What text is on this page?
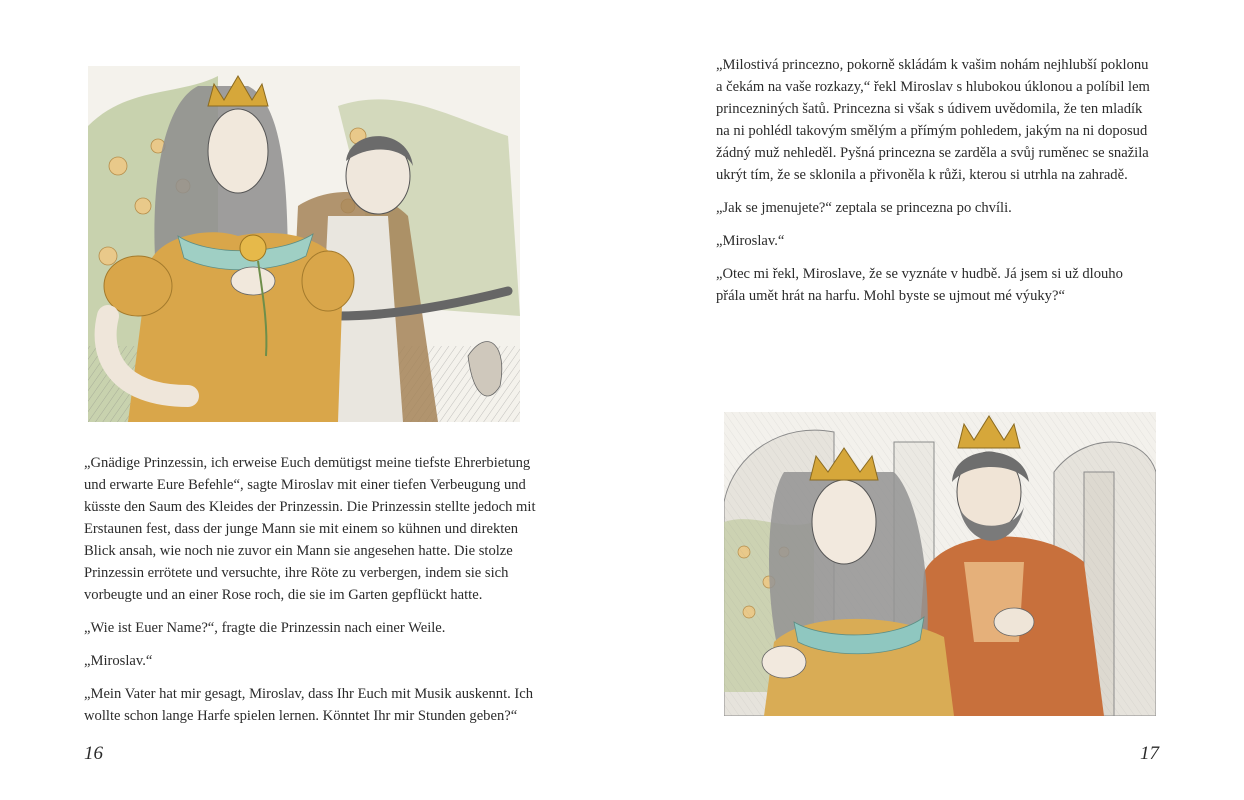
„Gnädige Prinzessin, ich erweise Euch demütigst meine tiefste Ehrerbietung und erwarte Eure Befehle“, sagte Miroslav mit einer tiefen Verbeugung und küsste den Saum des Kleides der Prinzessin. Die Prinzessin stellte jedoch mit Erstaunen fest, dass der junge Mann sie mit einem so kühnen und direkten Blick ansah, wie noch nie zuvor ein Mann sie angesehen hatte. Die stolze Prinzessin errötete und versuchte, ihre Röte zu verbergen, indem sie sich vorbeugte und an einer Rose roch, die sie im Garten gepflückt hatte.

„Wie ist Euer Name?“, fragte die Prinzessin nach einer Weile.

„Miroslav.“

„Mein Vater hat mir gesagt, Miroslav, dass Ihr Euch mit Musik auskennt. Ich wollte schon lange Harfe spielen lernen. Könntet Ihr mir Stunden geben?“

16

„Milostivá princezno, pokorně skládám k vašim nohám nejhlubší poklonu a čekám na vaše rozkazy,“ řekl Miroslav s hlubokou úklonou a políbil lem princezniných šatů. Princezna si však s údivem uvědomila, že ten mladík na ni pohlédl takovým smělým a přímým pohledem, jakým na ni doposud žádný muž nehleděl. Pyšná princezna se zardělа a svůj ruměnec se snažila ukrýt tím, že se sklonila a přivoněla k růži, kterou si utrhla na zahradě.

„Jak se jmenujete?“ zeptala se princezna po chvíli.

„Miroslav.“

„Otec mi řekl, Miroslave, že se vyznáte v hudbě. Já jsem si už dlouho přála umět hrát na harfu. Mohl byste se ujmout mé výuky?“

17
